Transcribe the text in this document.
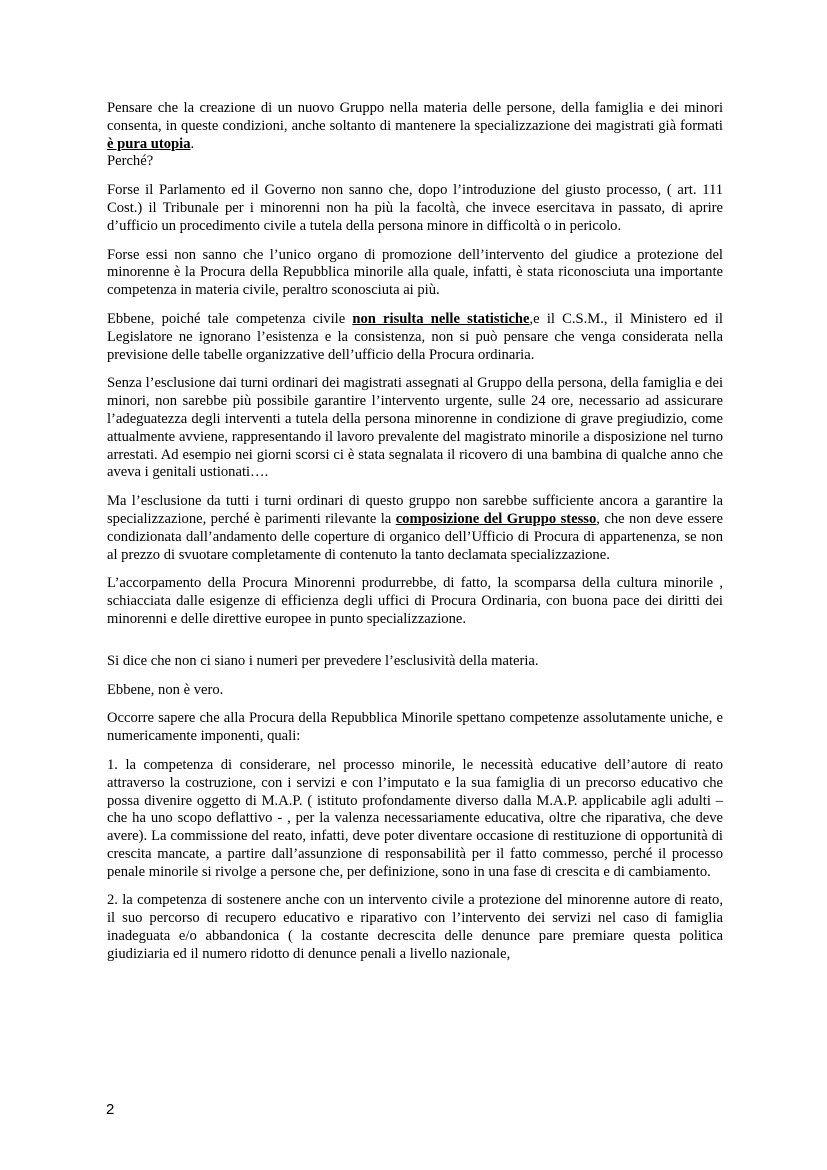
Pensare che la creazione di un nuovo Gruppo nella materia delle persone, della famiglia e dei minori consenta, in queste condizioni, anche soltanto di mantenere la specializzazione dei magistrati già formati è pura utopia.

Perché?

Forse il Parlamento ed il Governo non sanno che, dopo l’introduzione del giusto processo, ( art. 111 Cost.) il Tribunale per i minorenni non ha più la facoltà, che invece esercitava in passato, di aprire d’ufficio un procedimento civile a tutela della persona minore in difficoltà o in pericolo.

Forse essi non sanno che l’unico organo di promozione dell’intervento del giudice a protezione del minorenne è la Procura della Repubblica minorile alla quale, infatti, è stata riconosciuta una importante competenza in materia civile, peraltro sconosciuta ai più.

Ebbene, poiché tale competenza civile non risulta nelle statistiche,e il C.S.M., il Ministero ed il Legislatore ne ignorano l’esistenza e la consistenza, non si può pensare che venga considerata nella previsione delle tabelle organizzative dell’ufficio della Procura ordinaria.

Senza l’esclusione dai turni ordinari dei magistrati assegnati al Gruppo della persona, della famiglia e dei minori, non sarebbe più possibile garantire l’intervento urgente, sulle 24 ore, necessario ad assicurare l’adeguatezza degli interventi a tutela della persona minorenne in condizione di grave pregiudizio, come attualmente avviene, rappresentando il lavoro prevalente del magistrato minorile a disposizione nel turno arrestati. Ad esempio nei giorni scorsi ci è stata segnalata il ricovero di una bambina di qualche anno che aveva i genitali ustionati….

Ma l’esclusione da tutti i turni ordinari di questo gruppo non sarebbe sufficiente ancora a garantire la specializzazione, perché è parimenti rilevante la composizione del Gruppo stesso, che non deve essere condizionata dall’andamento delle coperture di organico dell’Ufficio di Procura di appartenenza, se non al prezzo di svuotare completamente di contenuto la tanto declamata specializzazione.

L’accorpamento della Procura Minorenni produrrebbe, di fatto, la scomparsa della cultura minorile , schiacciata dalle esigenze di efficienza degli uffici di Procura Ordinaria, con buona pace dei diritti dei minorenni e delle direttive europee in punto specializzazione.

Si dice che non ci siano i numeri per prevedere l’esclusività della materia.

Ebbene, non è vero.

Occorre sapere che alla Procura della Repubblica Minorile spettano competenze assolutamente uniche, e numericamente imponenti, quali:

1. la competenza di considerare, nel processo minorile, le necessità educative dell’autore di reato attraverso la costruzione, con i servizi e con l’imputato e la sua famiglia di un precorso educativo che possa divenire oggetto di M.A.P. ( istituto profondamente diverso dalla M.A.P. applicabile agli adulti – che ha uno scopo deflattivo - , per la valenza necessariamente educativa, oltre che riparativa, che deve avere). La commissione del reato, infatti, deve poter diventare occasione di restituzione di opportunità di crescita mancate, a partire dall’assunzione di responsabilità per il fatto commesso, perché il processo penale minorile si rivolge a persone che, per definizione, sono in una fase di crescita e di cambiamento.

2. la competenza di sostenere anche con un intervento civile a protezione del minorenne autore di reato, il suo percorso di recupero educativo e riparativo con l’intervento dei servizi nel caso di famiglia inadeguata e/o abbandonica ( la costante decrescita delle denunce pare premiare questa politica giudiziaria ed il numero ridotto di denunce penali a livello nazionale,

2
